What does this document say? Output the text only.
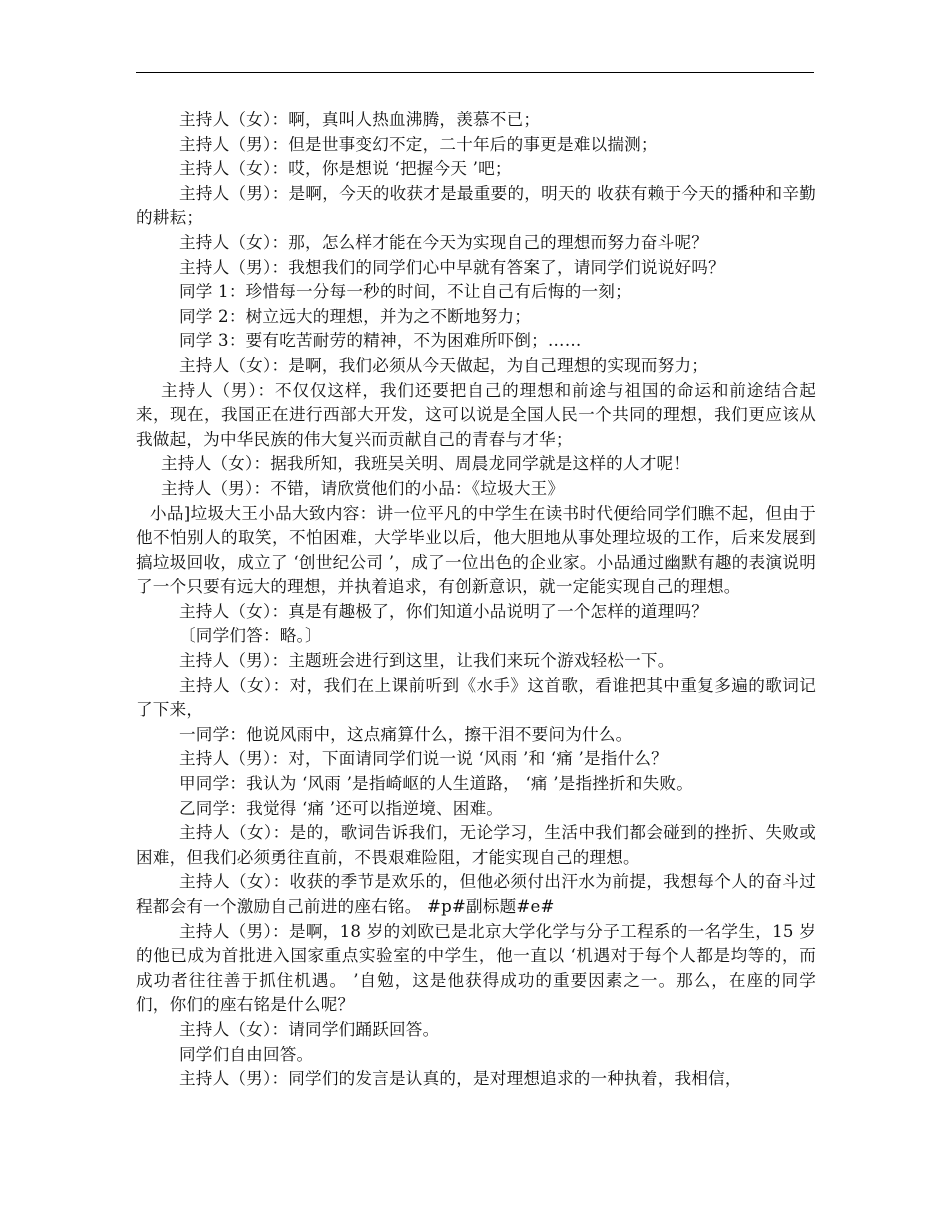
主持人（女）：啊，真叫人热血沸腾，羡慕不已；

主持人（男）：但是世事变幻不定，二十年后的事更是难以揣测；

主持人（女）：哎，你是想说 ‘把握今天 ’吧；

主持人（男）：是啊，今天的收获才是最重要的，明天的 收获有赖于今天的播种和辛勤的耕耘；

主持人（女）：那，怎么样才能在今天为实现自己的理想而努力奋斗呢？

主持人（男）：我想我们的同学们心中早就有答案了，请同学们说说好吗？

同学 1：珍惜每一分每一秒的时间，不让自己有后悔的一刻；

同学 2：树立远大的理想，并为之不断地努力；

同学 3：要有吃苦耐劳的精神，不为困难所吓倒；……

主持人（女）：是啊，我们必须从今天做起，为自己理想的实现而努力；

主持人（男）：不仅仅这样，我们还要把自己的理想和前途与祖国的命运和前途结合起来，现在，我国正在进行西部大开发，这可以说是全国人民一个共同的理想，我们更应该从我做起，为中华民族的伟大复兴而贡献自己的青春与才华；

主持人（女）：据我所知，我班吴关明、周晨龙同学就是这样的人才呢！

主持人（男）：不错，请欣赏他们的小品：《垃圾大王》

小品]垃圾大王小品大致内容：讲一位平凡的中学生在读书时代便给同学们瞧不起，但由于他不怕别人的取笑，不怕困难，大学毕业以后，他大胆地从事处理垃圾的工作，后来发展到搞垃圾回收，成立了 ‘创世纪公司 ’，成了一位出色的企业家。小品通过幽默有趣的表演说明了一个只要有远大的理想，并执着追求，有创新意识，就一定能实现自己的理想。

主持人（女）：真是有趣极了，你们知道小品说明了一个怎样的道理吗？

〔同学们答：略。〕

主持人（男）：主题班会进行到这里，让我们来玩个游戏轻松一下。

主持人（女）：对，我们在上课前听到《水手》这首歌，看谁把其中重复多遍的歌词记了下来，

一同学：他说风雨中，这点痛算什么，擦干泪不要问为什么。

主持人（男）：对，下面请同学们说一说 ‘风雨 ’和 ‘痛 ’是指什么？

甲同学：我认为 ‘风雨 ’是指崎岖的人生道路， ‘痛 ’是指挫折和失败。

乙同学：我觉得 ‘痛 ’还可以指逆境、困难。

主持人（女）：是的，歌词告诉我们，无论学习，生活中我们都会碰到的挫折、失败或困难，但我们必须勇往直前，不畏艰难险阻，才能实现自己的理想。

主持人（女）：收获的季节是欢乐的，但他必须付出汗水为前提，我想每个人的奋斗过程都会有一个激励自己前进的座右铭。 #p#副标题#e#

主持人（男）：是啊，18 岁的刘欧已是北京大学化学与分子工程系的一名学生，15 岁的他已成为首批进入国家重点实验室的中学生，他一直以 ‘机遇对于每个人都是均等的，而成功者往往善于抓住机遇。 ’自勉，这是他获得成功的重要因素之一。那么，在座的同学们，你们的座右铭是什么呢？

主持人（女）：请同学们踊跃回答。

同学们自由回答。

主持人（男）：同学们的发言是认真的，是对理想追求的一种执着，我相信，
